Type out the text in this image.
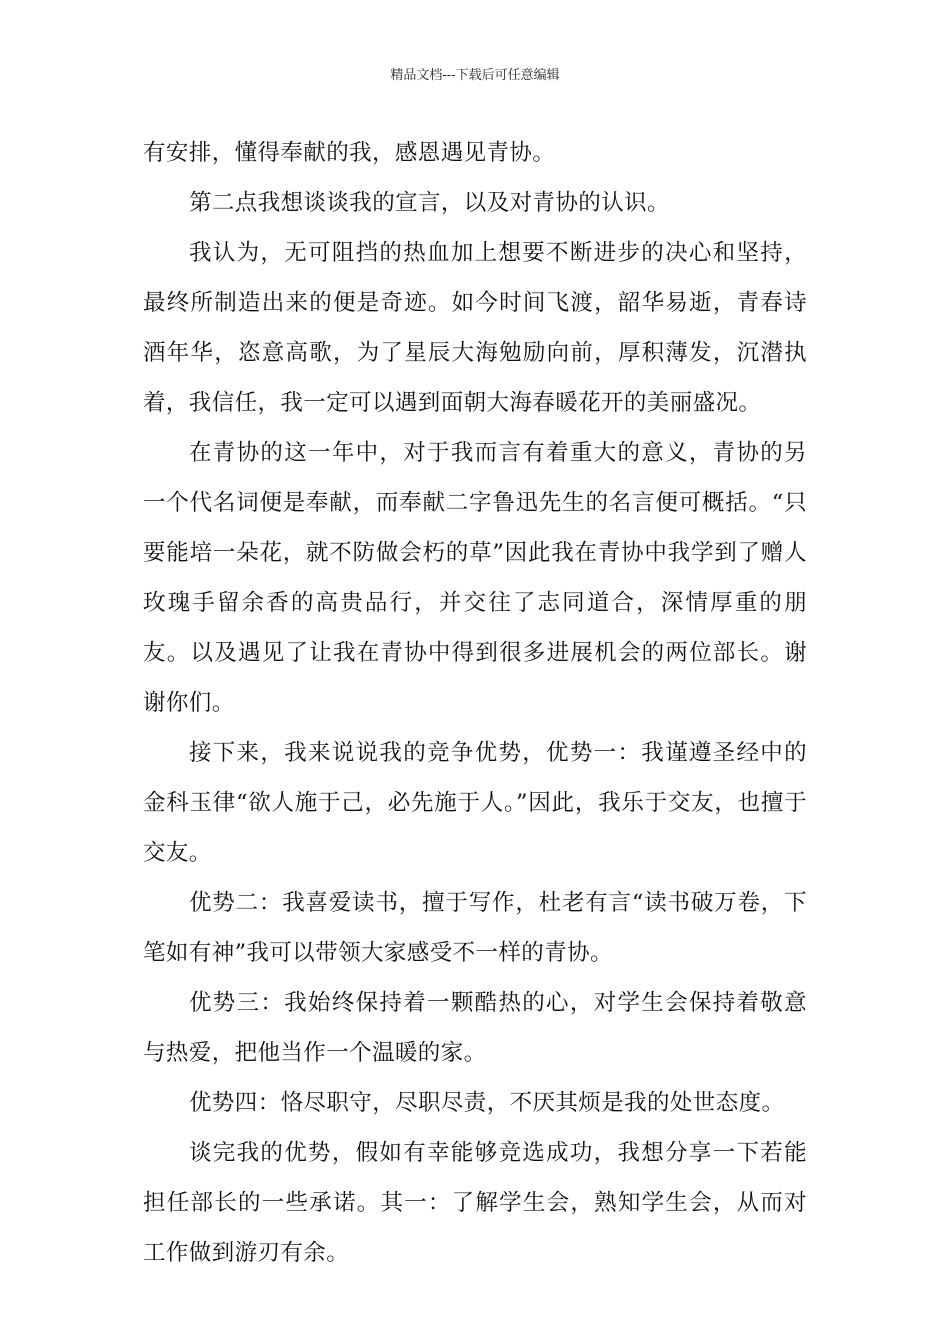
精品文档---下载后可任意编辑

有安排，懂得奉献的我，感恩遇见青协。

第二点我想谈谈我的宣言，以及对青协的认识。

我认为，无可阻挡的热血加上想要不断进步的决心和坚持，最终所制造出来的便是奇迹。如今时间飞渡，韶华易逝，青春诗酒年华，恣意高歌，为了星辰大海勉励向前，厚积薄发，沉潜执着，我信任，我一定可以遇到面朝大海春暖花开的美丽盛况。

在青协的这一年中，对于我而言有着重大的意义，青协的另一个代名词便是奉献，而奉献二字鲁迅先生的名言便可概括。“只要能培一朵花，就不防做会朽的草”因此我在青协中我学到了赠人玫瑰手留余香的高贵品行，并交往了志同道合，深情厚重的朋友。以及遇见了让我在青协中得到很多进展机会的两位部长。谢谢你们。

接下来，我来说说我的竞争优势，优势一：我谨遵圣经中的金科玉律“欲人施于己，必先施于人。”因此，我乐于交友，也擅于交友。

优势二：我喜爱读书，擅于写作，杜老有言“读书破万卷，下笔如有神”我可以带领大家感受不一样的青协。

优势三：我始终保持着一颗酷热的心，对学生会保持着敬意与热爱，把他当作一个温暖的家。

优势四：恪尽职守，尽职尽责，不厌其烦是我的处世态度。

谈完我的优势，假如有幸能够竞选成功，我想分享一下若能担任部长的一些承诺。其一：了解学生会，熟知学生会，从而对工作做到游刃有余。
